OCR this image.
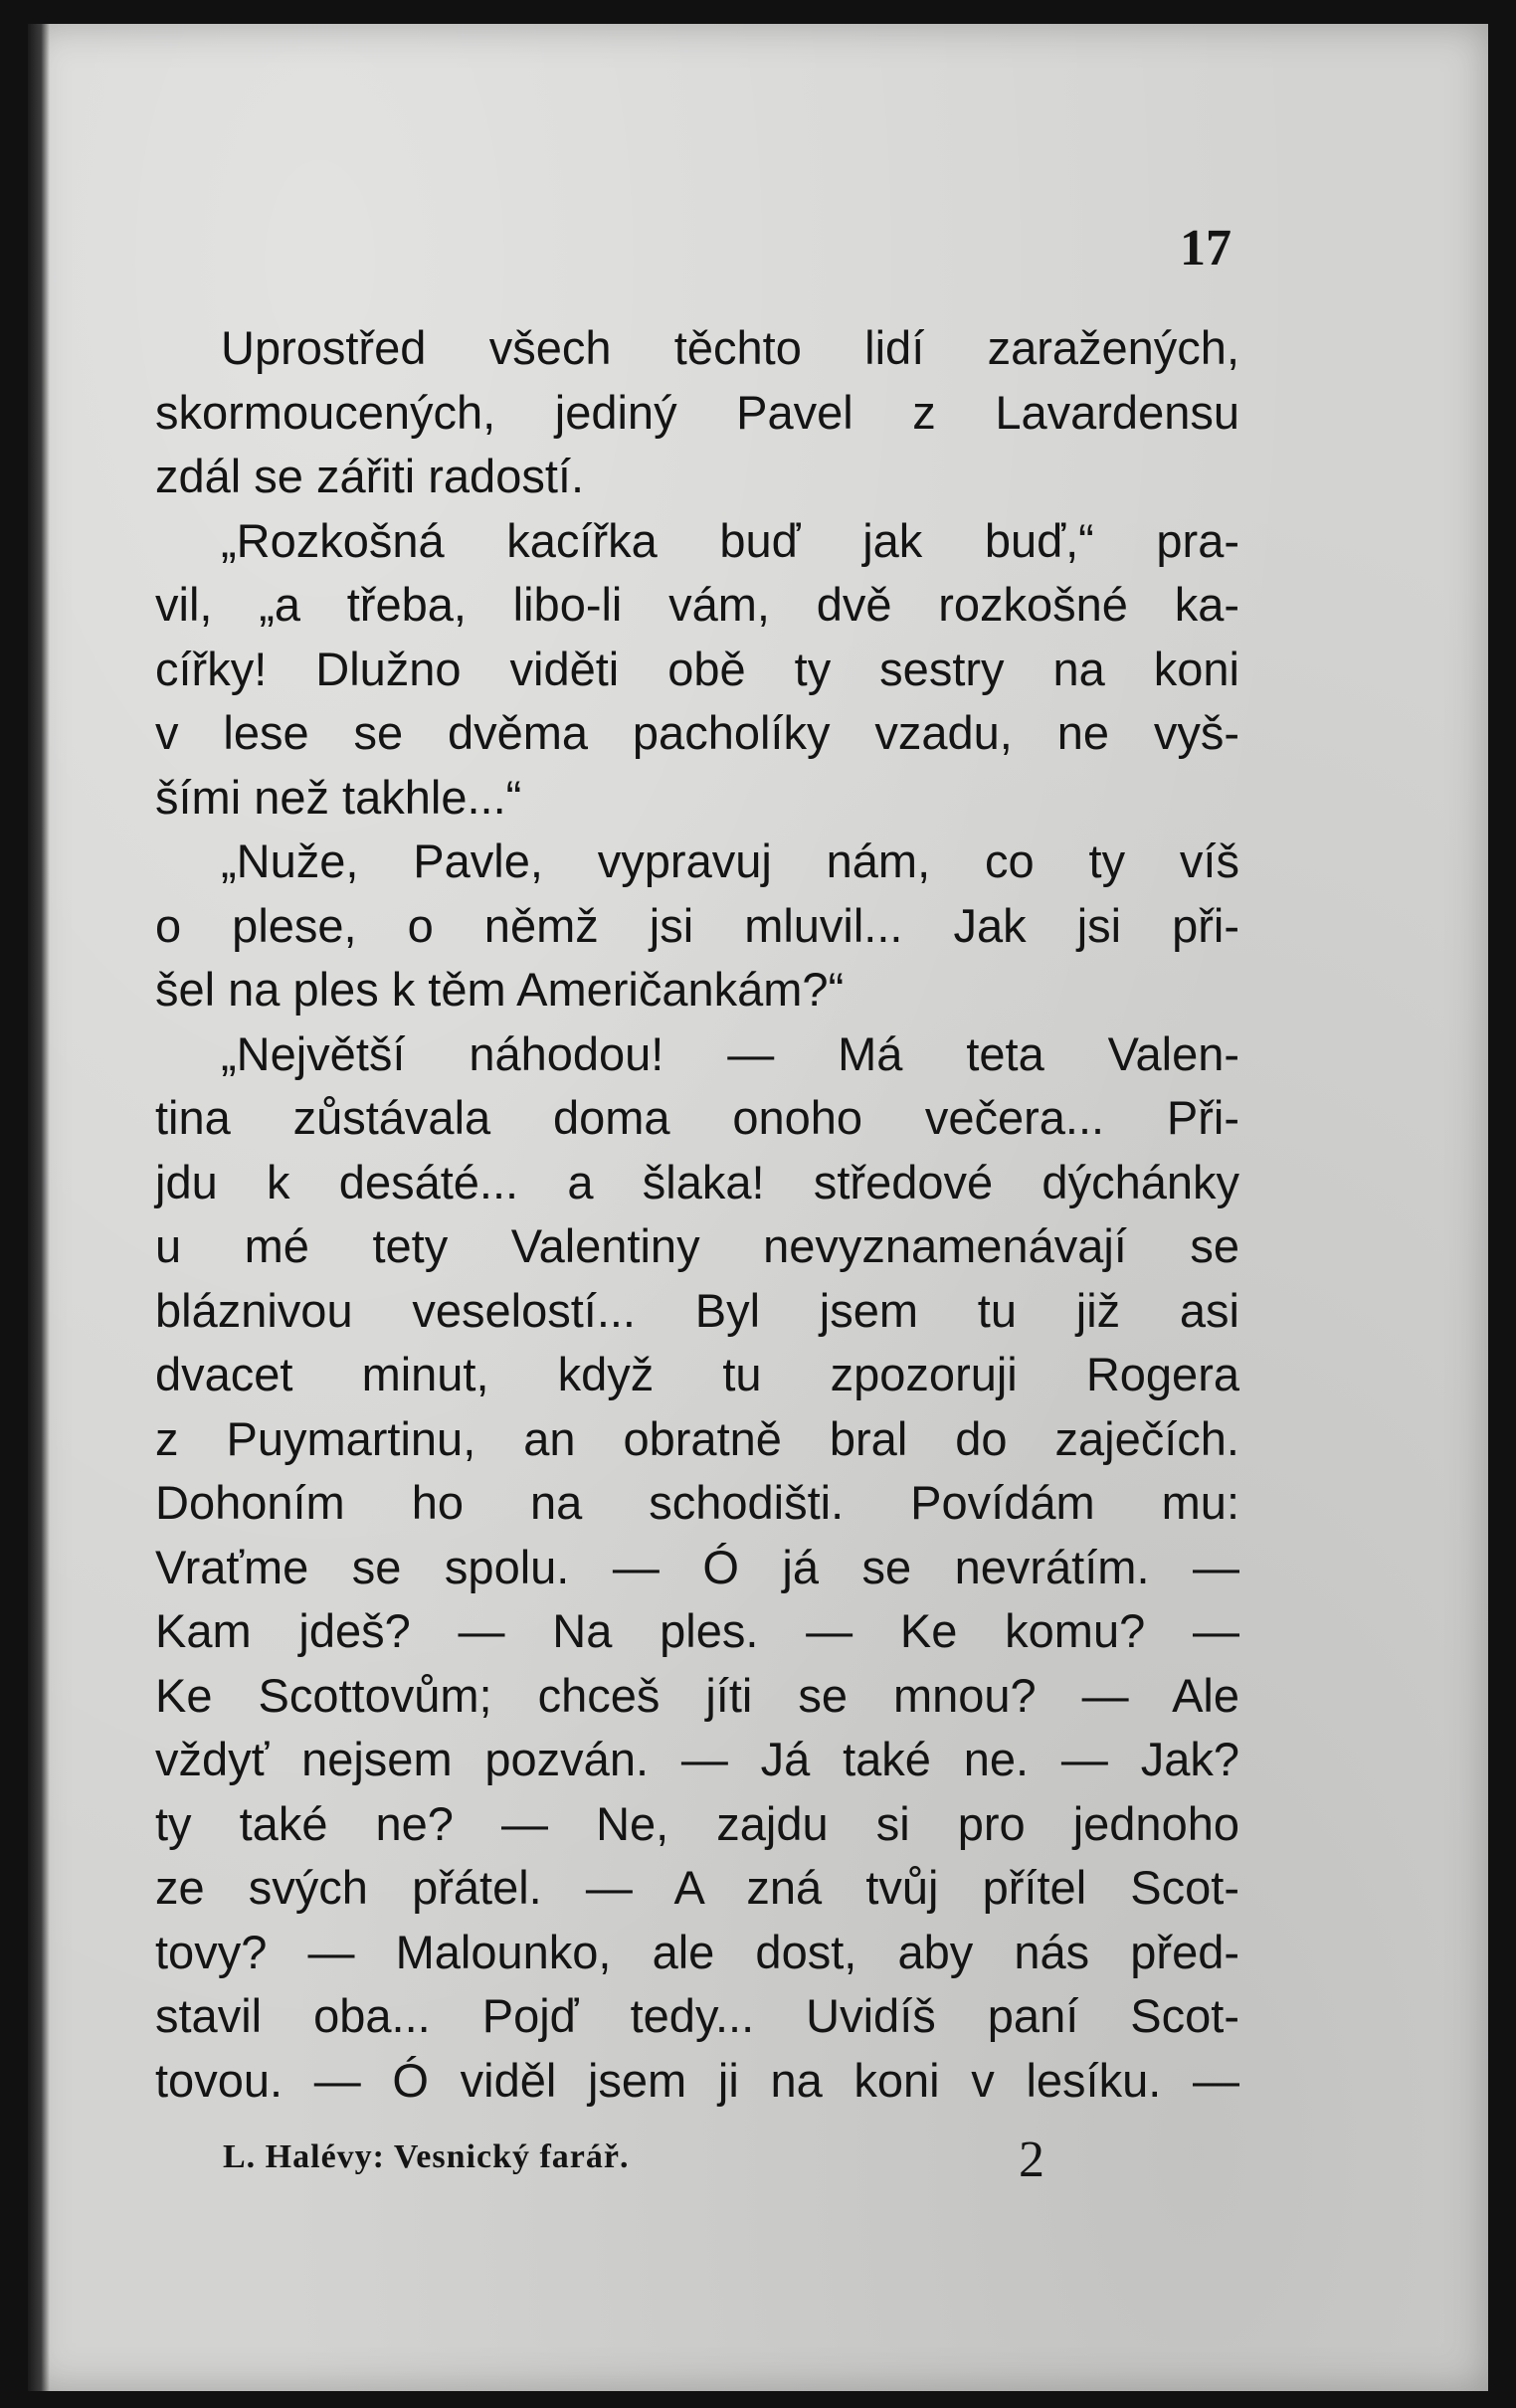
17
Uprostřed všech těchto lidí zaražených,
skormoucených, jediný Pavel z Lavardensu
zdál se zářiti radostí.
„Rozkošná kacířka buď jak buď,“ pra-
vil, „a třeba, libo-li vám, dvě rozkošné ka-
cířky! Dlužno viděti obě ty sestry na koni
v lese se dvěma pacholíky vzadu, ne vyš-
šími než takhle...“
„Nuže, Pavle, vypravuj nám, co ty víš
o plese, o němž jsi mluvil... Jak jsi při-
šel na ples k těm Američankám?“
„Největší náhodou! — Má teta Valen-
tina zůstávala doma onoho večera... Při-
jdu k desáté... a šlaka! středové dýchánky
u mé tety Valentiny nevyznamenávají se
bláznivou veselostí... Byl jsem tu již asi
dvacet minut, když tu zpozoruji Rogera
z Puymartinu, an obratně bral do zaječích.
Dohoním ho na schodišti. Povídám mu:
Vraťme se spolu. — Ó já se nevrátím. —
Kam jdeš? — Na ples. — Ke komu? —
Ke Scottovům; chceš jíti se mnou? — Ale
vždyť nejsem pozván. — Já také ne. — Jak?
ty také ne? — Ne, zajdu si pro jednoho
ze svých přátel. — A zná tvůj přítel Scot-
tovy? — Malounko, ale dost, aby nás před-
stavil oba... Pojď tedy... Uvidíš paní Scot-
tovou. — Ó viděl jsem ji na koni v lesíku. —
L. Halévy: Vesnický farář.	2
